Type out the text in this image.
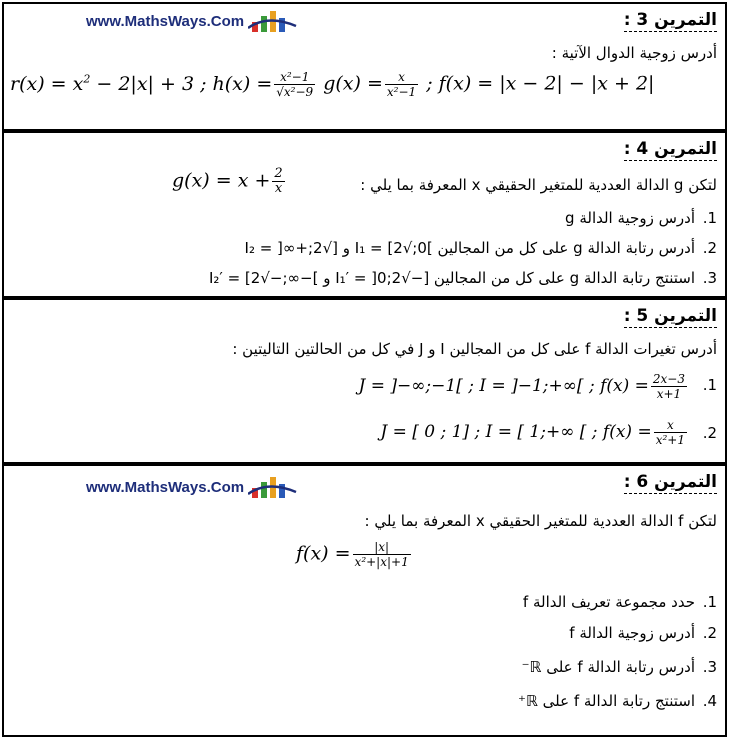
www.MathsWays.Com	التمرين 3 :
أدرس زوجية الدوال الآتية :
$r(x) = x^2 - 2|x| + 3$ ; $h(x) = \frac{\text{x²−1}}{\text{√x²−9}} g(x) = \frac{x}{\text{x²−1}}$ ; f(x) = |x − 2| − |x + 2|
التمرين 4 :
لتكن g الدالة العددية للمتغير الحقيقي x المعرفة بما يلي :
$g(x) = x + \frac{2}{x}$
أدرس زوجية الدالة g .1
أدرس رتابة الدالة g على كل من المجالين ]0;√2] = I₁ و [√2;+∞[ = I₂ .2
استنتج رتابة الدالة g على كل من المجالين [−√2;0[ = I₁′ و ]−∞;−√2] = I₂′ .3
التمرين 5 :
أدرس تغيرات الدالة f على كل من المجالين I و J في كل من الحالتين التاليتين :
J = ]−∞;−1[ ; I = ]−1;+∞[ ; $f(x) = \frac{2x-3}{x+1} .1$
J = [ 0 ; 1] ; I = [ 1;+∞ [ ; $f(x) = \frac{x}{\text{x²+1}} .2$
www.MathsWays.Com	التمرين 6 :
لتكن f الدالة العددية للمتغير الحقيقي x المعرفة بما يلي :
$f(x) = \frac{|x|}{\text{x²+|x|+1}}$
حدد مجموعة تعريف الدالة f .1
أدرس زوجية الدالة f .2
أدرس رتابة الدالة f على ℝ⁻ .3
استنتج رتابة الدالة f على ℝ⁺ .4
